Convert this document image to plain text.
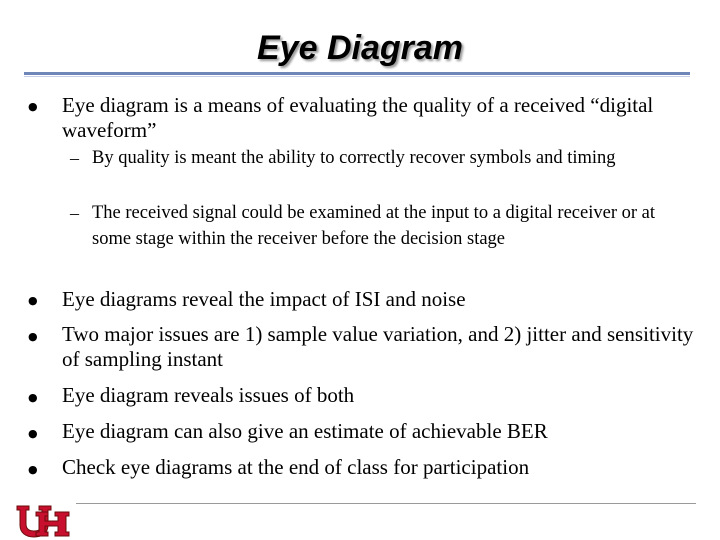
Eye Diagram
● Eye diagram is a means of evaluating the quality of a received “digital waveform”
– By quality is meant the ability to correctly recover symbols and timing
– The received signal could be examined at the input to a digital receiver or at some stage within the receiver before the decision stage
● Eye diagrams reveal the impact of ISI and noise
● Two major issues are 1) sample value variation, and 2) jitter and sensitivity of sampling instant
● Eye diagram reveals issues of both
● Eye diagram can also give an estimate of achievable BER
● Check eye diagrams at the end of class for participation
